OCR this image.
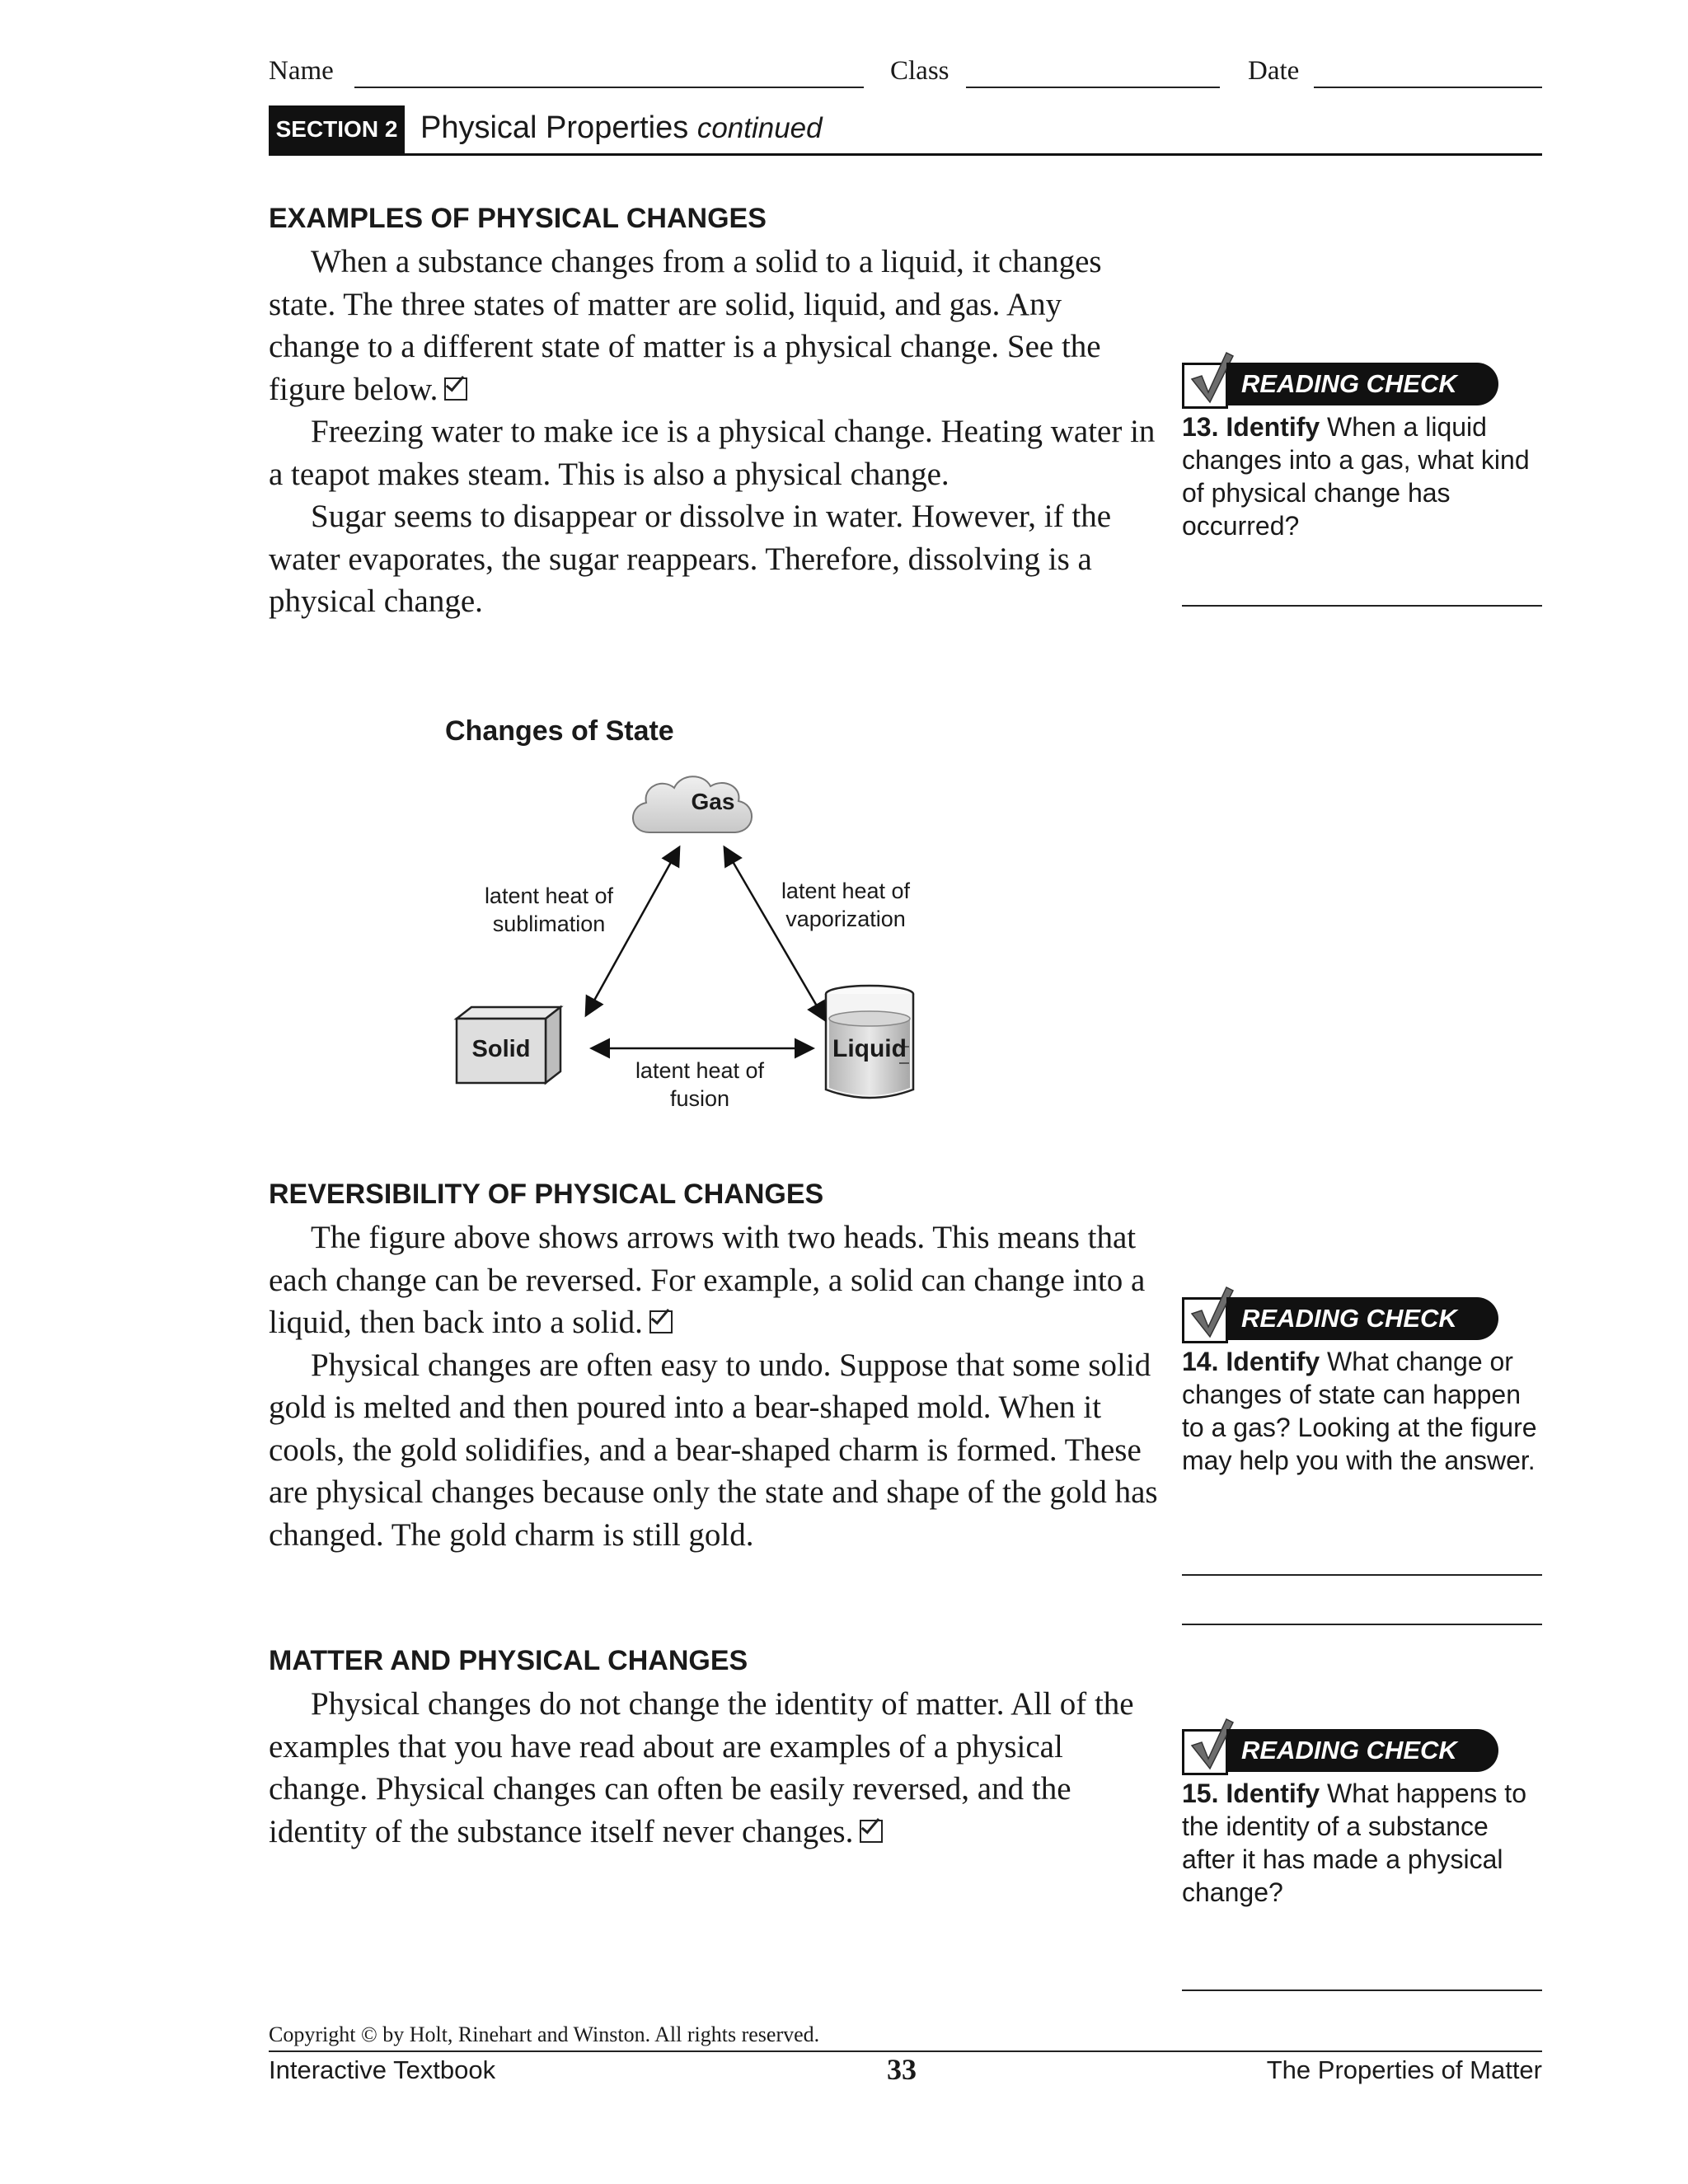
Name	Class	Date
SECTION 2 Physical Properties continued
EXAMPLES OF PHYSICAL CHANGES

When a substance changes from a solid to a liquid, it changes state. The three states of matter are solid, liquid, and gas. Any change to a different state of matter is a physical change. See the figure below.

Freezing water to make ice is a physical change. Heating water in a teapot makes steam. This is also a physical change.

Sugar seems to disappear or dissolve in water. However, if the water evaporates, the sugar reappears. Therefore, dissolving is a physical change.

Changes of State
Gas
Solid	Liquid
latent heat of
sublimation
latent heat of
vaporization
latent heat of
fusion
REVERSIBILITY OF PHYSICAL CHANGES

The figure above shows arrows with two heads. This means that each change can be reversed. For example, a solid can change into a liquid, then back into a solid.

Physical changes are often easy to undo. Suppose that some solid gold is melted and then poured into a bear-shaped mold. When it cools, the gold solidifies, and a bear-shaped charm is formed. These are physical changes because only the state and shape of the gold has changed. The gold charm is still gold.

MATTER AND PHYSICAL CHANGES

Physical changes do not change the identity of matter. All of the examples that you have read about are examples of a physical change. Physical changes can often be easily reversed, and the identity of the substance itself never changes.

READING CHECK
13. Identify When a liquid changes into a gas, what kind of physical change has occurred?
READING CHECK
14. Identify What change or changes of state can happen to a gas? Looking at the figure may help you with the answer.
READING CHECK
15. Identify What happens to the identity of a substance after it has made a physical change?
Copyright © by Holt, Rinehart and Winston. All rights reserved.
Interactive Textbook	33	The Properties of Matter
